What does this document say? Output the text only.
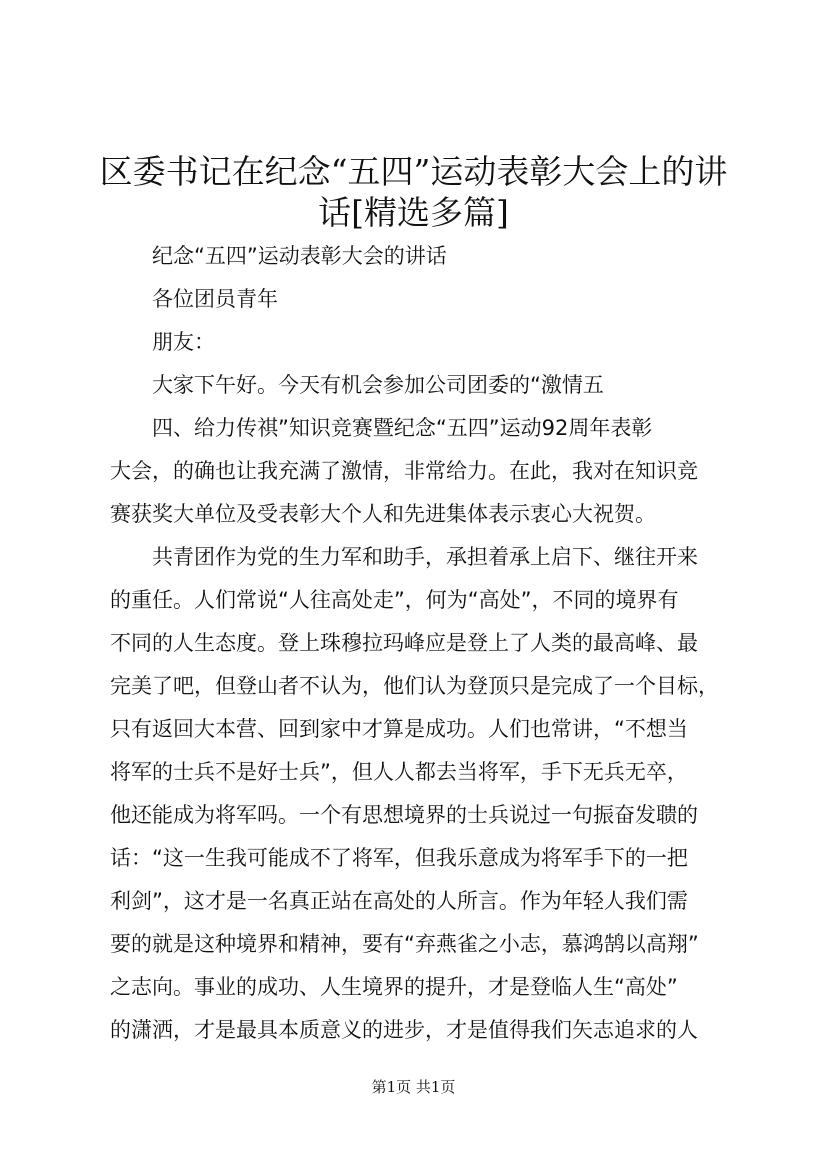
区委书记在纪念“五四”运动表彰大会上的讲
话[精选多篇]
纪念“五四”运动表彰大会的讲话
各位团员青年
朋友：
大家下午好。今天有机会参加公司团委的“激情五
四、给力传祺”知识竞赛暨纪念“五四”运动92周年表彰
大会，的确也让我充满了激情，非常给力。在此，我对在知识竞
赛获奖大单位及受表彰大个人和先进集体表示衷心大祝贺。
共青团作为党的生力军和助手，承担着承上启下、继往开来
的重任。人们常说“人往高处走”，何为“高处”，不同的境界有
不同的人生态度。登上珠穆拉玛峰应是登上了人类的最高峰、最
完美了吧，但登山者不认为，他们认为登顶只是完成了一个目标，
只有返回大本营、回到家中才算是成功。人们也常讲，“不想当
将军的士兵不是好士兵”，但人人都去当将军，手下无兵无卒，
他还能成为将军吗。一个有思想境界的士兵说过一句振奋发聩的
话：“这一生我可能成不了将军，但我乐意成为将军手下的一把
利剑”，这才是一名真正站在高处的人所言。作为年轻人我们需
要的就是这种境界和精神，要有“弃燕雀之小志，慕鸿鹄以高翔”
之志向。事业的成功、人生境界的提升，才是登临人生“高处”
的潇洒，才是最具本质意义的进步，才是值得我们矢志追求的人
第1页 共1页
